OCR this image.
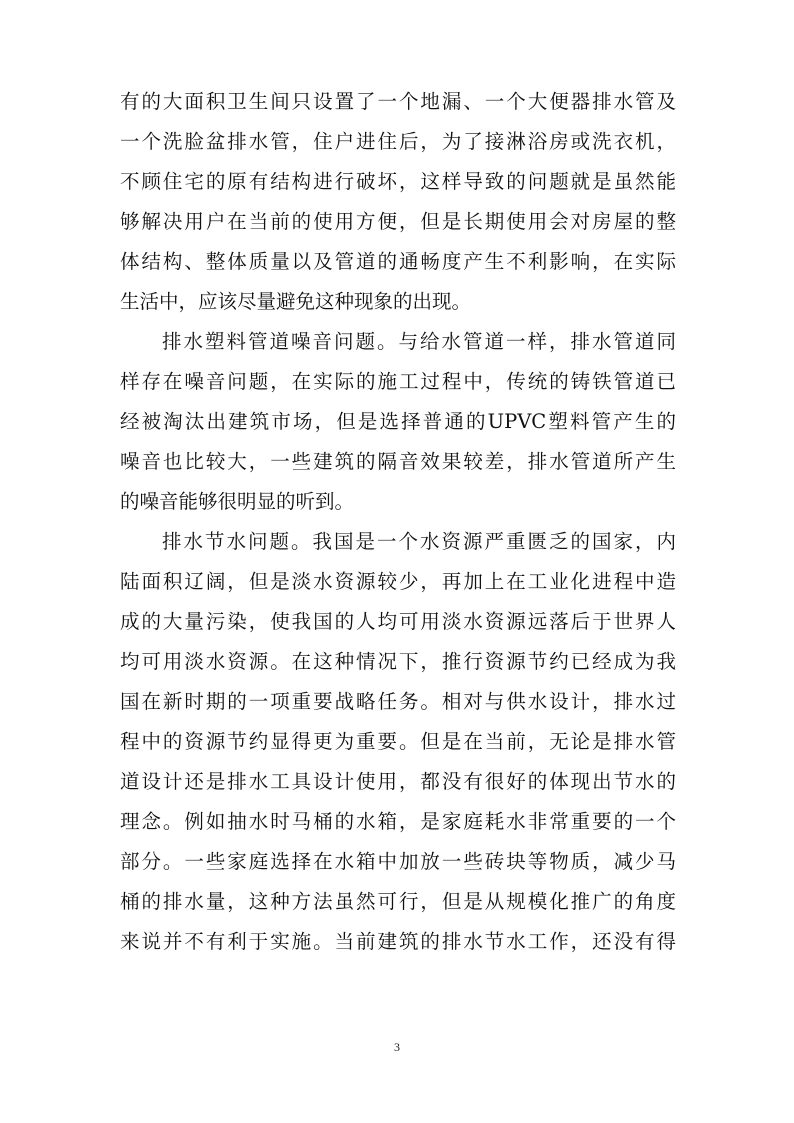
有的大面积卫生间只设置了一个地漏、一个大便器排水管及
一个洗脸盆排水管，住户进住后，为了接淋浴房或洗衣机，
不顾住宅的原有结构进行破坏，这样导致的问题就是虽然能
够解决用户在当前的使用方便，但是长期使用会对房屋的整
体结构、整体质量以及管道的通畅度产生不利影响，在实际
生活中，应该尽量避免这种现象的出现。
排水塑料管道噪音问题。与给水管道一样，排水管道同
样存在噪音问题，在实际的施工过程中，传统的铸铁管道已
经被淘汰出建筑市场，但是选择普通的UPVC塑料管产生的
噪音也比较大，一些建筑的隔音效果较差，排水管道所产生
的噪音能够很明显的听到。
排水节水问题。我国是一个水资源严重匮乏的国家，内
陆面积辽阔，但是淡水资源较少，再加上在工业化进程中造
成的大量污染，使我国的人均可用淡水资源远落后于世界人
均可用淡水资源。在这种情况下，推行资源节约已经成为我
国在新时期的一项重要战略任务。相对与供水设计，排水过
程中的资源节约显得更为重要。但是在当前，无论是排水管
道设计还是排水工具设计使用，都没有很好的体现出节水的
理念。例如抽水时马桶的水箱，是家庭耗水非常重要的一个
部分。一些家庭选择在水箱中加放一些砖块等物质，减少马
桶的排水量，这种方法虽然可行，但是从规模化推广的角度
来说并不有利于实施。当前建筑的排水节水工作，还没有得
3
